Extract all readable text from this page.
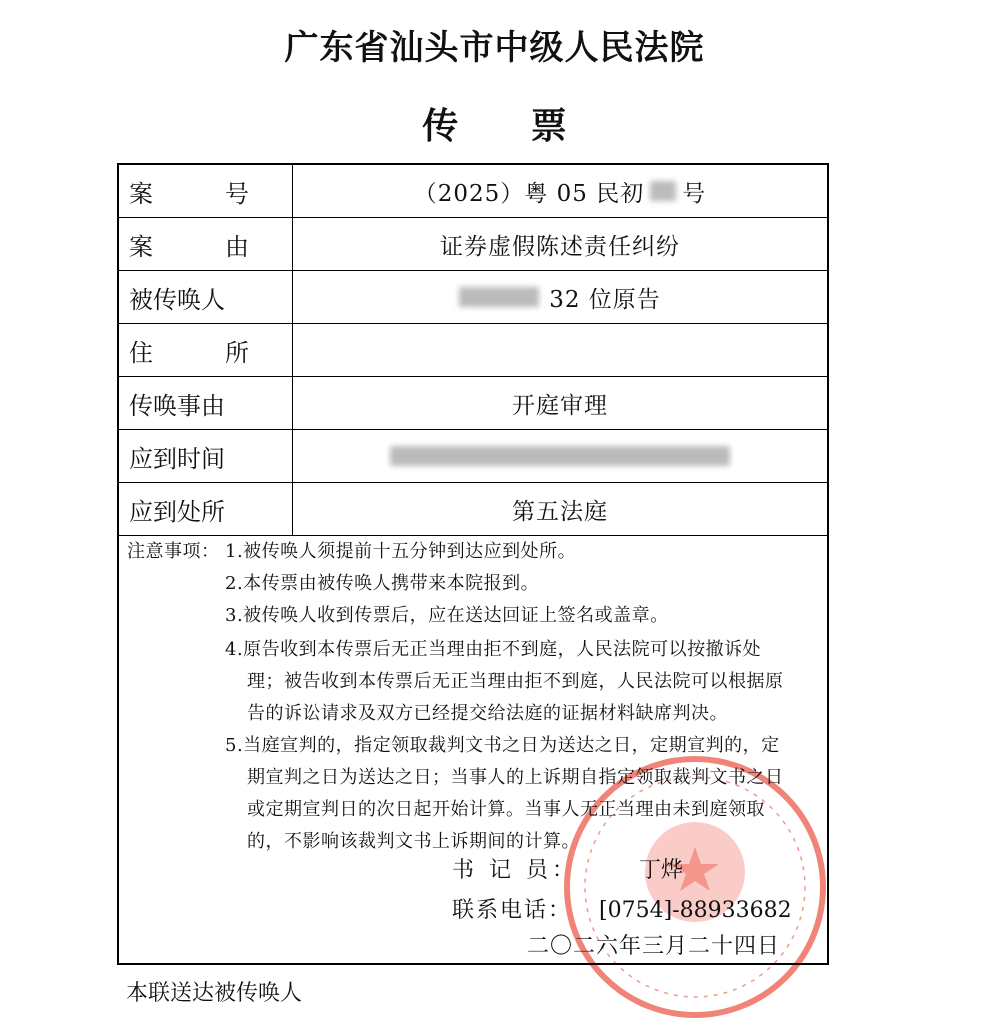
广东省汕头市中级人民法院
传 票
案　　　号	（2025）粤 05 民初 号
案　　　由	证券虚假陈述责任纠纷
被传唤人	32 位原告
住　　　所
传唤事由	开庭审理
应到时间
应到处所	第五法庭
注意事项： 1.被传唤人须提前十五分钟到达应到处所。
2.本传票由被传唤人携带来本院报到。
3.被传唤人收到传票后，应在送达回证上签名或盖章。
4.原告收到本传票后无正当理由拒不到庭，人民法院可以按撤诉处
理；被告收到本传票后无正当理由拒不到庭，人民法院可以根据原
告的诉讼请求及双方已经提交给法庭的证据材料缺席判决。
5.当庭宣判的，指定领取裁判文书之日为送达之日，定期宣判的，定
期宣判之日为送达之日；当事人的上诉期自指定领取裁判文书之日
或定期宣判日的次日起开始计算。当事人无正当理由未到庭领取
的，不影响该裁判文书上诉期间的计算。
书 记 员：	丁烨
联系电话： [0754]-88933682
二〇二六年三月二十四日
本联送达被传唤人
